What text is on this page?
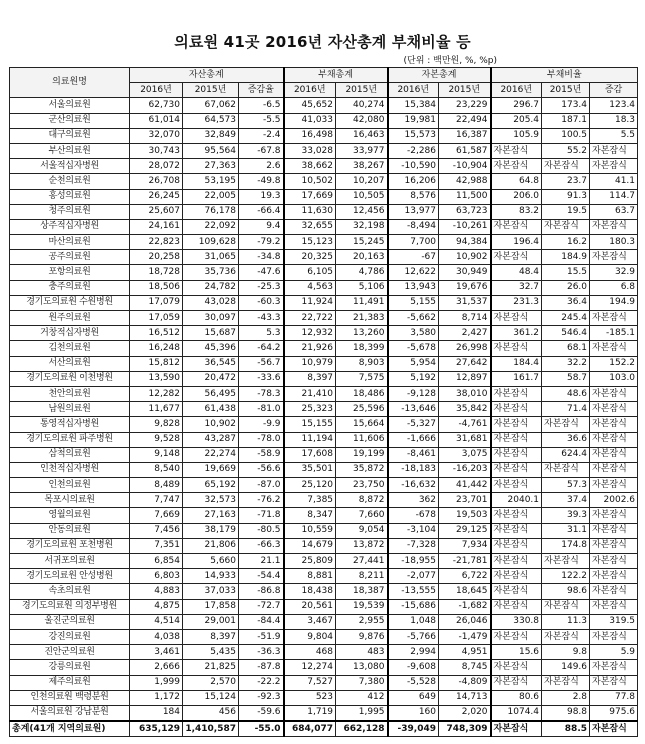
의료원 41곳 2016년 자산총계 부채비율 등
(단위 : 백만원, %, %p)
의료원명	자산총계			부채총계		자본총계		부채비율		
	2016년	2015년	증감율	2016년	2015년	2016년	2015년	2016년	2015년	증감
서울의료원	62,730	67,062	-6.5	45,652	40,274	15,384	23,229	296.7	173.4	123.4
군산의료원	61,014	64,573	-5.5	41,033	42,080	19,981	22,494	205.4	187.1	18.3
대구의료원	32,070	32,849	-2.4	16,498	16,463	15,573	16,387	105.9	100.5	5.5
부산의료원	30,743	95,564	-67.8	33,028	33,977	-2,286	61,587	자본잠식	55.2	자본잠식
서울적십자병원	28,072	27,363	2.6	38,662	38,267	-10,590	-10,904	자본잠식	자본잠식	자본잠식
순천의료원	26,708	53,195	-49.8	10,502	10,207	16,206	42,988	64.8	23.7	41.1
홍성의료원	26,245	22,005	19.3	17,669	10,505	8,576	11,500	206.0	91.3	114.7
청주의료원	25,607	76,178	-66.4	11,630	12,456	13,977	63,723	83.2	19.5	63.7
상주적십자병원	24,161	22,092	9.4	32,655	32,198	-8,494	-10,261	자본잠식	자본잠식	자본잠식
마산의료원	22,823	109,628	-79.2	15,123	15,245	7,700	94,384	196.4	16.2	180.3
공주의료원	20,258	31,065	-34.8	20,325	20,163	-67	10,902	자본잠식	184.9	자본잠식
포항의료원	18,728	35,736	-47.6	6,105	4,786	12,622	30,949	48.4	15.5	32.9
충주의료원	18,506	24,782	-25.3	4,563	5,106	13,943	19,676	32.7	26.0	6.8
경기도의료원 수원병원	17,079	43,028	-60.3	11,924	11,491	5,155	31,537	231.3	36.4	194.9
원주의료원	17,059	30,097	-43.3	22,722	21,383	-5,662	8,714	자본잠식	245.4	자본잠식
거창적십자병원	16,512	15,687	5.3	12,932	13,260	3,580	2,427	361.2	546.4	-185.1
김천의료원	16,248	45,396	-64.2	21,926	18,399	-5,678	26,998	자본잠식	68.1	자본잠식
서산의료원	15,812	36,545	-56.7	10,979	8,903	5,954	27,642	184.4	32.2	152.2
경기도의료원 이천병원	13,590	20,472	-33.6	8,397	7,575	5,192	12,897	161.7	58.7	103.0
천안의료원	12,282	56,495	-78.3	21,410	18,486	-9,128	38,010	자본잠식	48.6	자본잠식
남원의료원	11,677	61,438	-81.0	25,323	25,596	-13,646	35,842	자본잠식	71.4	자본잠식
통영적십자병원	9,828	10,902	-9.9	15,155	15,664	-5,327	-4,761	자본잠식	자본잠식	자본잠식
경기도의료원 파주병원	9,528	43,287	-78.0	11,194	11,606	-1,666	31,681	자본잠식	36.6	자본잠식
삼척의료원	9,148	22,274	-58.9	17,608	19,199	-8,461	3,075	자본잠식	624.4	자본잠식
인천적십자병원	8,540	19,669	-56.6	35,501	35,872	-18,183	-16,203	자본잠식	자본잠식	자본잠식
인천의료원	8,489	65,192	-87.0	25,120	23,750	-16,632	41,442	자본잠식	57.3	자본잠식
목포시의료원	7,747	32,573	-76.2	7,385	8,872	362	23,701	2040.1	37.4	2002.6
영월의료원	7,669	27,163	-71.8	8,347	7,660	-678	19,503	자본잠식	39.3	자본잠식
안동의료원	7,456	38,179	-80.5	10,559	9,054	-3,104	29,125	자본잠식	31.1	자본잠식
경기도의료원 포천병원	7,351	21,806	-66.3	14,679	13,872	-7,328	7,934	자본잠식	174.8	자본잠식
서귀포의료원	6,854	5,660	21.1	25,809	27,441	-18,955	-21,781	자본잠식	자본잠식	자본잠식
경기도의료원 안성병원	6,803	14,933	-54.4	8,881	8,211	-2,077	6,722	자본잠식	122.2	자본잠식
속초의료원	4,883	37,033	-86.8	18,438	18,387	-13,555	18,645	자본잠식	98.6	자본잠식
경기도의료원 의정부병원	4,875	17,858	-72.7	20,561	19,539	-15,686	-1,682	자본잠식	자본잠식	자본잠식
울진군의료원	4,514	29,001	-84.4	3,467	2,955	1,048	26,046	330.8	11.3	319.5
강진의료원	4,038	8,397	-51.9	9,804	9,876	-5,766	-1,479	자본잠식	자본잠식	자본잠식
진안군의료원	3,461	5,435	-36.3	468	483	2,994	4,951	15.6	9.8	5.9
강릉의료원	2,666	21,825	-87.8	12,274	13,080	-9,608	8,745	자본잠식	149.6	자본잠식
제주의료원	1,999	2,570	-22.2	7,527	7,380	-5,528	-4,809	자본잠식	자본잠식	자본잠식
인천의료원 백령분원	1,172	15,124	-92.3	523	412	649	14,713	80.6	2.8	77.8
서울의료원 강남분원	184	456	-59.6	1,719	1,995	160	2,020	1074.4	98.8	975.6
총계(41개 지역의료원)	635,129	1,410,587	-55.0	684,077	662,128	-39,049	748,309	자본잠식	88.5	자본잠식
